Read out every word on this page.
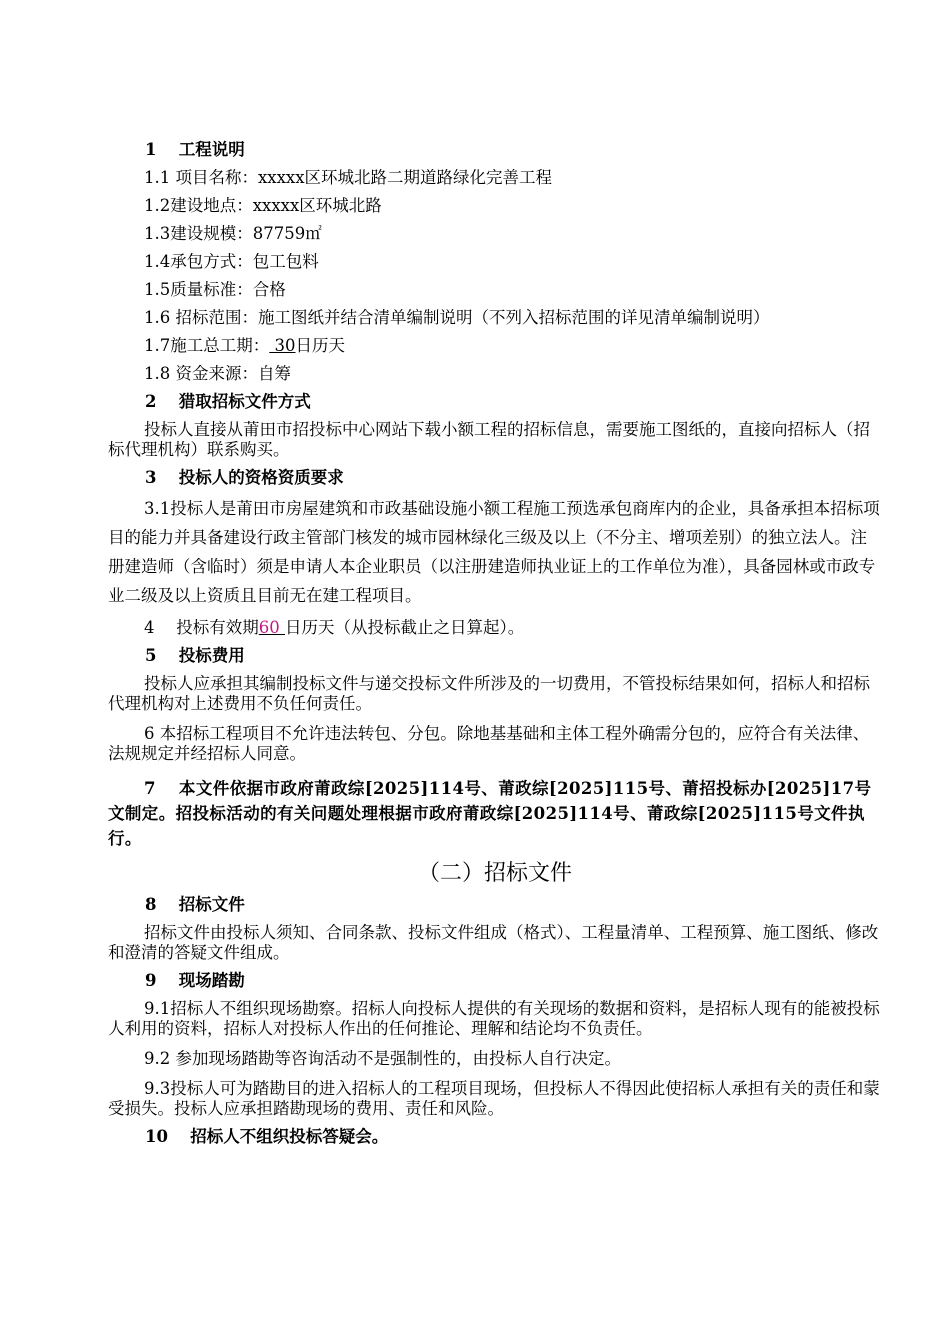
1　 工程说明

1.1 项目名称：xxxxx区环城北路二期道路绿化完善工程

1.2建设地点：xxxxx区环城北路

1.3建设规模：87759㎡

1.4承包方式：包工包料

1.5质量标准：合格

1.6 招标范围：施工图纸并结合清单编制说明（不列入招标范围的详见清单编制说明）

1.7施工总工期： 30日历天

1.8 资金来源：自筹

2　 猎取招标文件方式

投标人直接从莆田市招投标中心网站下载小额工程的招标信息，需要施工图纸的，直接向招标人（招标代理机构）联系购买。

3　 投标人的资格资质要求

3.1投标人是莆田市房屋建筑和市政基础设施小额工程施工预选承包商库内的企业，具备承担本招标项目的能力并具备建设行政主管部门核发的城市园林绿化三级及以上（不分主、增项差别）的独立法人。注册建造师（含临时）须是申请人本企业职员（以注册建造师执业证上的工作单位为准），具备园林或市政专业二级及以上资质且目前无在建工程项目。

4　 投标有效期60 日历天（从投标截止之日算起）。

5　 投标费用

投标人应承担其编制投标文件与递交投标文件所涉及的一切费用，不管投标结果如何，招标人和招标代理机构对上述费用不负任何责任。

6 本招标工程项目不允许违法转包、分包。除地基基础和主体工程外确需分包的，应符合有关法律、法规规定并经招标人同意。

7　 本文件依据市政府莆政综[2025]114号、莆政综[2025]115号、莆招投标办[2025]17号文制定。招投标活动的有关问题处理根据市政府莆政综[2025]114号、莆政综[2025]115号文件执行。

（二）招标文件

8　 招标文件

招标文件由投标人须知、合同条款、投标文件组成（格式）、工程量清单、工程预算、施工图纸、修改和澄清的答疑文件组成。

9　 现场踏勘

9.1招标人不组织现场勘察。招标人向投标人提供的有关现场的数据和资料，是招标人现有的能被投标人利用的资料，招标人对投标人作出的任何推论、理解和结论均不负责任。

9.2 参加现场踏勘等咨询活动不是强制性的，由投标人自行决定。

9.3投标人可为踏勘目的进入招标人的工程项目现场，但投标人不得因此使招标人承担有关的责任和蒙受损失。投标人应承担踏勘现场的费用、责任和风险。

10　 招标人不组织投标答疑会。
